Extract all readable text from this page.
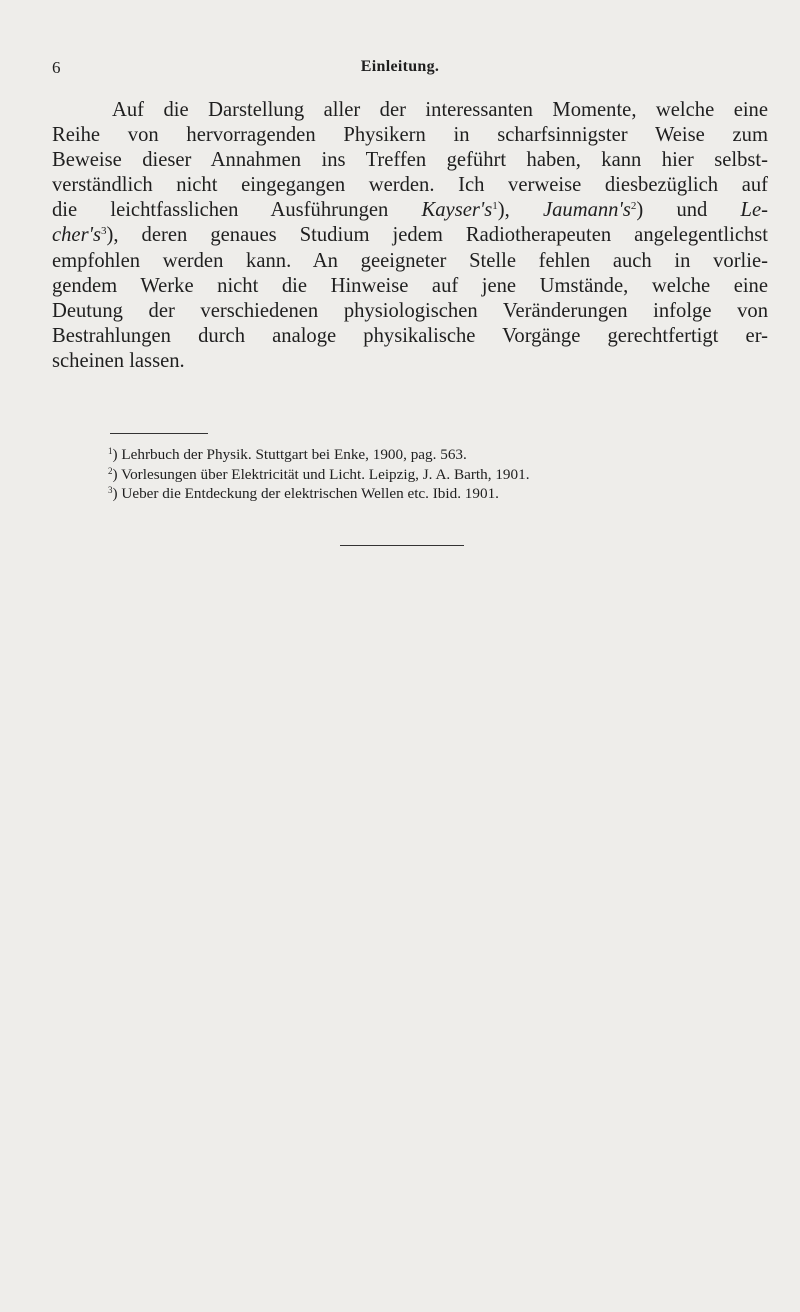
6	Einleitung.
Auf die Darstellung aller der interessanten Momente, welche eine
Reihe von hervorragenden Physikern in scharfsinnigster Weise zum
Beweise dieser Annahmen ins Treffen geführt haben, kann hier selbst-
verständlich nicht eingegangen werden. Ich verweise diesbezüglich auf
die leichtfasslichen Ausführungen $Kayser's^1$), $Jaumann's^2$) und Le-
$cher's^3$), deren genaues Studium jedem Radiotherapeuten angelegentlichst
empfohlen werden kann. An geeigneter Stelle fehlen auch in vorlie-
gendem Werke nicht die Hinweise auf jene Umstände, welche eine
Deutung der verschiedenen physiologischen Veränderungen infolge von
Bestrahlungen durch analoge physikalische Vorgänge gerechtfertigt er-
scheinen lassen.
$^1$) Lehrbuch der Physik. Stuttgart bei Enke, 1900, pag. 563.
$^2$) Vorlesungen über Elektricität und Licht. Leipzig, J. A. Barth, 1901.
$^3$) Ueber die Entdeckung der elektrischen Wellen etc. Ibid. 1901.
